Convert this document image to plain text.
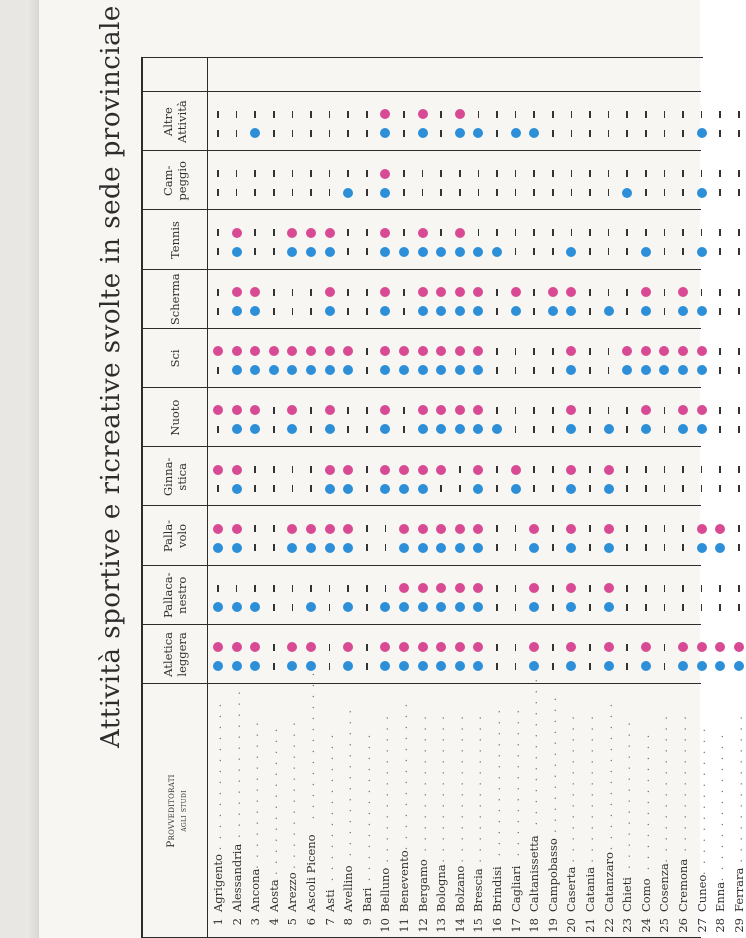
Attività sportive e ricreative svolte in sede provinciale
Provveditorati agli studi
Atletica
leggera
Pallaca-
nestro
Palla-
volo
Ginna-
stica
Nuoto
Sci
Scherma
Tennis
Cam-
peggio
Altre
Attività
1
Agrigento
. . . . . . . . . . . . . .
2
Alessandria
. . . . . . . . . . . . . .
3
Ancona
. . . . . . . . . . . . . .
4
Aosta
. . . . . . . . . . . . . .
5
Arezzo
. . . . . . . . . . . . . .
6
Ascoli Piceno
. . . . . . . . . . . . . .
7
Asti
. . . . . . . . . . . . . .
8
Avellino
. . . . . . . . . . . . . .
9
Bari
. . . . . . . . . . . . . .
10
Belluno
. . . . . . . . . . . . . .
11
Benevento
. . . . . . . . . . . . . .
12
Bergamo
. . . . . . . . . . . . . .
13
Bologna
. . . . . . . . . . . . . .
14
Bolzano
. . . . . . . . . . . . . .
15
Brescia
. . . . . . . . . . . . . .
16
Brindisi
. . . . . . . . . . . . . .
17
Cagliari
. . . . . . . . . . . . . .
18
Caltanissetta
. . . . . . . . . . . . . .
19
Campobasso
. . . . . . . . . . . . . .
20
Caserta
. . . . . . . . . . . . . .
21
Catania
. . . . . . . . . . . . . .
22
Catanzaro
. . . . . . . . . . . . . .
23
Chieti
. . . . . . . . . . . . . .
24
Como
. . . . . . . . . . . . . .
25
Cosenza
. . . . . . . . . . . . . .
26
Cremona
. . . . . . . . . . . . . .
27
Cuneo
. . . . . . . . . . . . . .
28
Enna
. . . . . . . . . . . . . .
29
Ferrara
. . . . . . . . . . . . . .
